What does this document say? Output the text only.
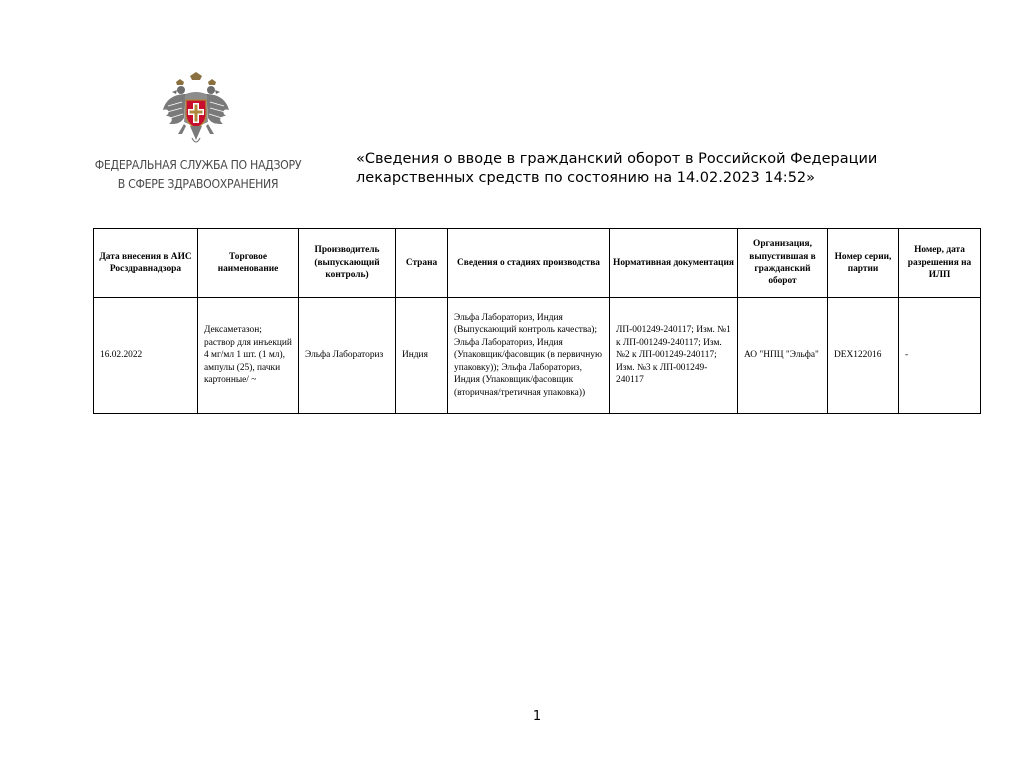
ФЕДЕРАЛЬНАЯ СЛУЖБА ПО НАДЗОРУ
В СФЕРЕ ЗДРАВООХРАНЕНИЯ
«Сведения о вводе в гражданский оборот в Российской Федерации
лекарственных средств по состоянию на 14.02.2023 14:52»
Дата внесения в АИС Росздравнадзора	Торговое наименование	Производитель (выпускающий контроль)	Страна	Сведения о стадиях производства	Нормативная документация	Организация, выпустившая в гражданский оборот	Номер серии, партии	Номер, дата разрешения на ИЛП
16.02.2022	Дексаметазон; раствор для инъекций 4 мг/мл 1 шт. (1 мл), ампулы (25), пачки картонные/ ~	Эльфа Лабораториз	Индия	Эльфа Лабораториз, Индия (Выпускающий контроль качества); Эльфа Лабораториз, Индия (Упаковщик/фасовщик (в первичную упаковку)); Эльфа Лабораториз, Индия (Упаковщик/фасовщик (вторичная/третичная упаковка))	ЛП-001249-240117; Изм. №1 к ЛП-001249-240117; Изм. №2 к ЛП-001249-240117; Изм. №3 к ЛП-001249-240117	АО "НПЦ "Эльфа"	DEX122016	-
1
